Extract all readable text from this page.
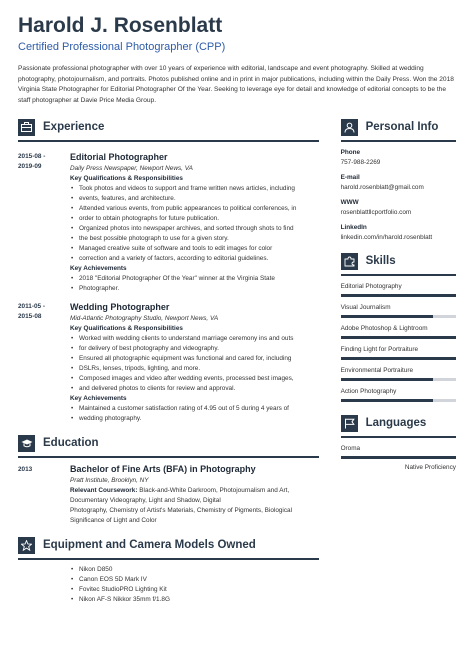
Harold J. Rosenblatt
Certified Professional Photographer (CPP)
Passionate professional photographer with over 10 years of experience with editorial, landscape and event photography. Skilled at wedding photography, photojournalism, and portraits. Photos published online and in print in major publications, including within the Daily Press. Won the 2018 Virginia State Photographer for Editorial Photographer Of the Year. Seeking to leverage eye for detail and knowledge of editorial concepts to be the staff photographer at Davie Price Media Group.
Experience
2015-08 -
2019-09
Editorial Photographer
Daily Press Newspaper, Newport News, VA
Key Qualifications & Responsibilities
• Took photos and videos to support and frame written news articles, including
• events, features, and architecture.
• Attended various events, from public appearances to political conferences, in
• order to obtain photographs for future publication.
• Organized photos into newspaper archives, and sorted through shots to find
• the best possible photograph to use for a given story.
• Managed creative suite of software and tools to edit images for color
• correction and a variety of factors, according to editorial guidelines.
Key Achievements
• 2018 "Editorial Photographer Of the Year" winner at the Virginia State
• Photographer.
2011-05 -
2015-08
Wedding Photographer
Mid-Atlantic Photography Studio, Newport News, VA
Key Qualifications & Responsibilities
• Worked with wedding clients to understand marriage ceremony ins and outs
• for delivery of best photography and videography.
• Ensured all photographic equipment was functional and cared for, including
• DSLRs, lenses, tripods, lighting, and more.
• Composed images and video after wedding events, processed best images,
• and delivered photos to clients for review and approval.
Key Achievements
• Maintained a customer satisfaction rating of 4.95 out of 5 during 4 years of
• wedding photography.
Education
2013	Bachelor of Fine Arts (BFA) in Photography
Pratt Institute, Brooklyn, NY
Relevant Coursework: Black-and-White Darkroom, Photojournalism and Art,
Documentary Videography, Light and Shadow, Digital
Photography, Chemistry of Artist's Materials, Chemistry of Pigments, Biological
Significance of Light and Color
Equipment and Camera Models Owned
• Nikon D850
• Canon EOS 5D Mark IV
• Fovitec StudioPRO Lighting Kit
• Nikon AF-S Nikkor 35mm f/1.8G
Personal Info
Phone
757-988-2269
E-mail
harold.rosenblatt@gmail.com
WWW
rosenblattllcportfolio.com
LinkedIn
linkedin.com/in/harold.rosenblatt
Skills
Editorial Photography
Visual Journalism
Adobe Photoshop & Lightroom
Finding Light for Portraiture
Environmental Portraiture
Action Photography
Languages
Oroma
Native Proficiency
